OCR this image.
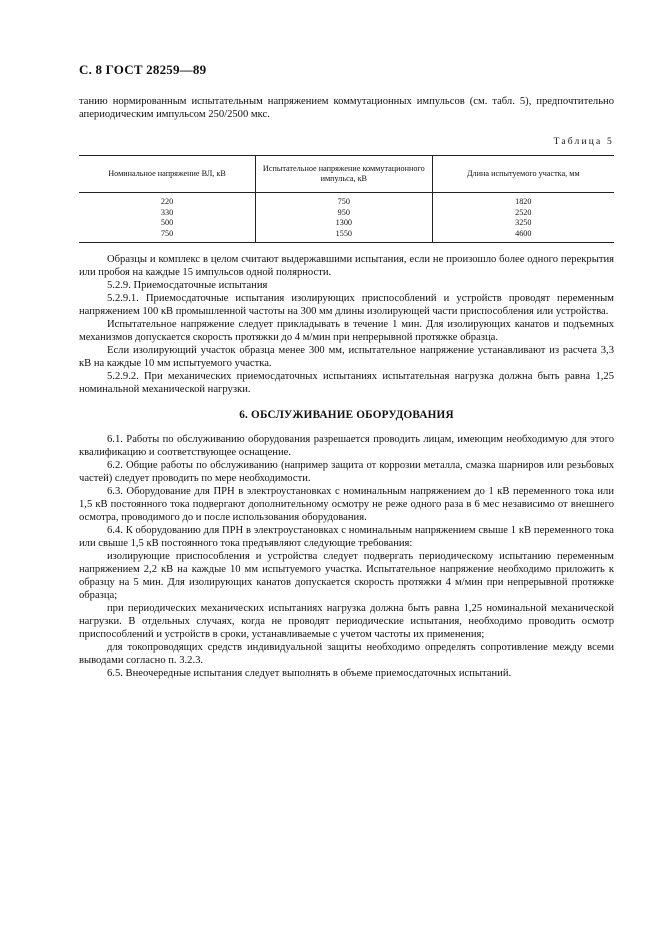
С. 8 ГОСТ 28259—89

танию нормированным испытательным напряжением коммутационных импульсов (см. табл. 5), предпочтительно апериодическим импульсом 250/2500 мкс.

Таблица 5
Номинальное напряжение ВЛ, кВ	Испытательное напряжение коммутационного импульса, кВ	Длина испытуемого участка, мм
220	750	1820
330	950	2520
500	1300	3250
750	1550	4600

Образцы и комплекс в целом считают выдержавшими испытания, если не произошло более одного перекрытия или пробоя на каждые 15 импульсов одной полярности.

5.2.9. Приемосдаточные испытания

5.2.9.1. Приемосдаточные испытания изолирующих приспособлений и устройств проводят переменным напряжением 100 кВ промышленной частоты на 300 мм длины изолирующей части приспособления или устройства.

Испытательное напряжение следует прикладывать в течение 1 мин. Для изолирующих канатов и подъемных механизмов допускается скорость протяжки до 4 м/мин при непрерывной протяжке образца.

Если изолирующий участок образца менее 300 мм, испытательное напряжение устанавливают из расчета 3,3 кВ на каждые 10 мм испытуемого участка.

5.2.9.2. При механических приемосдаточных испытаниях испытательная нагрузка должна быть равна 1,25 номинальной механической нагрузки.

6. ОБСЛУЖИВАНИЕ ОБОРУДОВАНИЯ

6.1. Работы по обслуживанию оборудования разрешается проводить лицам, имеющим необходимую для этого квалификацию и соответствующее оснащение.

6.2. Общие работы по обслуживанию (например защита от коррозии металла, смазка шарниров или резьбовых частей) следует проводить по мере необходимости.

6.3. Оборудование для ПРН в электроустановках с номинальным напряжением до 1 кВ переменного тока или 1,5 кВ постоянного тока подвергают дополнительному осмотру не реже одного раза в 6 мес независимо от внешнего осмотра, проводимого до и после использования оборудования.

6.4. К оборудованию для ПРН в электроустановках с номинальным напряжением свыше 1 кВ переменного тока или свыше 1,5 кВ постоянного тока предъявляют следующие требования:

изолирующие приспособления и устройства следует подвергать периодическому испытанию переменным напряжением 2,2 кВ на каждые 10 мм испытуемого участка. Испытательное напряжение необходимо приложить к образцу на 5 мин. Для изолирующих канатов допускается скорость протяжки 4 м/мин при непрерывной протяжке образца;

при периодических механических испытаниях нагрузка должна быть равна 1,25 номинальной механической нагрузки. В отдельных случаях, когда не проводят периодические испытания, необходимо проводить осмотр приспособлений и устройств в сроки, устанавливаемые с учетом частоты их применения;

для токопроводящих средств индивидуальной защиты необходимо определять сопротивление между всеми выводами согласно п. 3.2.3.

6.5. Внеочередные испытания следует выполнять в объеме приемосдаточных испытаний.
